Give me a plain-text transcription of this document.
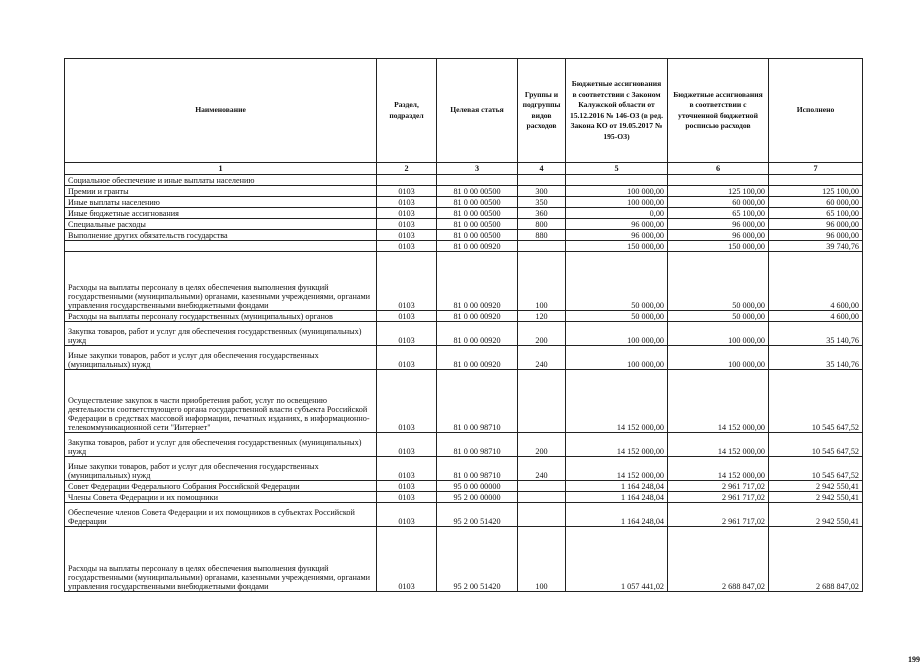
Наименование	Раздел, подраздел	Целевая статья	Группы и подгруппы видов расходов	Бюджетные ассигнования в соответствии с Законом Калужской области от 15.12.2016 № 146-ОЗ (в ред. Закона КО от 19.05.2017 № 195-ОЗ)	Бюджетные ассигнования в соответствии с уточненной бюджетной росписью расходов	Исполнено
1	2	3	4	5	6	7
Социальное обеспечение и иные выплаты населению						
Премии и гранты	0103	81 0 00 00500	300	100 000,00	125 100,00	125 100,00
Иные выплаты населению	0103	81 0 00 00500	350	100 000,00	60 000,00	60 000,00
Иные бюджетные ассигнования	0103	81 0 00 00500	360	0,00	65 100,00	65 100,00
Специальные расходы	0103	81 0 00 00500	800	96 000,00	96 000,00	96 000,00
Выполнение других обязательств государства	0103	81 0 00 00500	880	96 000,00	96 000,00	96 000,00
	0103	81 0 00 00920		150 000,00	150 000,00	39 740,76
Расходы на выплаты персоналу в целях обеспечения выполнения функций государственными (муниципальными) органами, казенными учреждениями, органами управления государственными внебюджетными фондами	0103	81 0 00 00920	100	50 000,00	50 000,00	4 600,00
Расходы на выплаты персоналу государственных (муниципальных) органов	0103	81 0 00 00920	120	50 000,00	50 000,00	4 600,00
Закупка товаров, работ и услуг для обеспечения государственных (муниципальных) нужд	0103	81 0 00 00920	200	100 000,00	100 000,00	35 140,76
Иные закупки товаров, работ и услуг для обеспечения государственных (муниципальных) нужд	0103	81 0 00 00920	240	100 000,00	100 000,00	35 140,76
Осуществление закупок в части приобретения работ, услуг по освещению деятельности соответствующего органа государственной власти субъекта Российской Федерации в средствах массовой информации, печатных изданиях, в информационно-телекоммуникационной сети "Интернет"	0103	81 0 00 98710		14 152 000,00	14 152 000,00	10 545 647,52
Закупка товаров, работ и услуг для обеспечения государственных (муниципальных) нужд	0103	81 0 00 98710	200	14 152 000,00	14 152 000,00	10 545 647,52
Иные закупки товаров, работ и услуг для обеспечения государственных (муниципальных) нужд	0103	81 0 00 98710	240	14 152 000,00	14 152 000,00	10 545 647,52
Совет Федерации Федерального Собрания Российской Федерации	0103	95 0 00 00000		1 164 248,04	2 961 717,02	2 942 550,41
Члены Совета Федерации и их помощники	0103	95 2 00 00000		1 164 248,04	2 961 717,02	2 942 550,41
Обеспечение членов Совета Федерации и их помощников в субъектах Российской Федерации	0103	95 2 00 51420		1 164 248,04	2 961 717,02	2 942 550,41
Расходы на выплаты персоналу в целях обеспечения выполнения функций государственными (муниципальными) органами, казенными учреждениями, органами управления государственными внебюджетными фондами	0103	95 2 00 51420	100	1 057 441,02	2 688 847,02	2 688 847,02
199
